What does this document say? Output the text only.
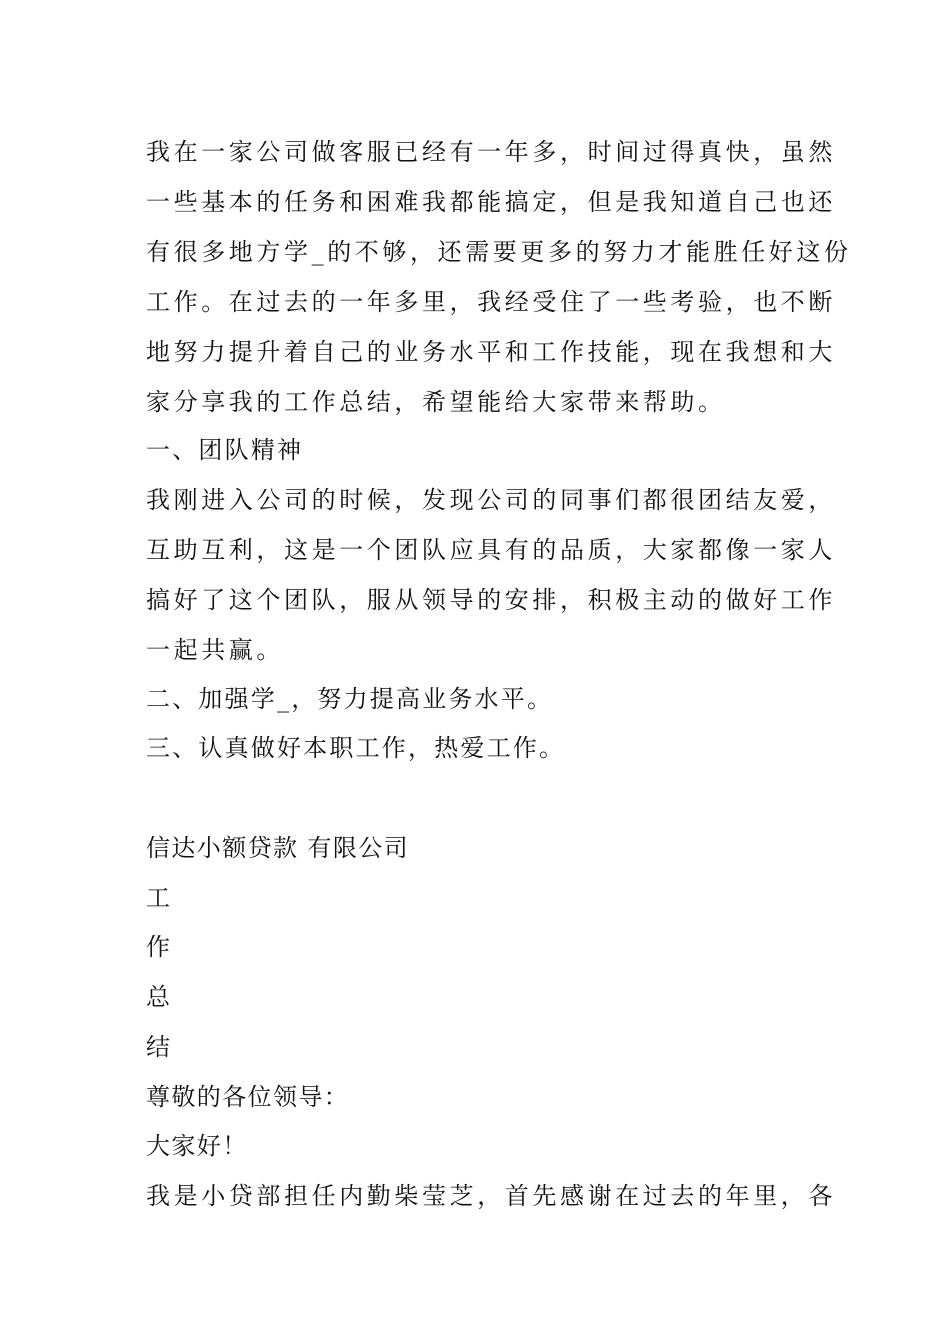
我在一家公司做客服已经有一年多，时间过得真快，虽然
一些基本的任务和困难我都能搞定，但是我知道自己也还
有很多地方学_的不够，还需要更多的努力才能胜任好这份
工作。在过去的一年多里，我经受住了一些考验，也不断
地努力提升着自己的业务水平和工作技能，现在我想和大
家分享我的工作总结，希望能给大家带来帮助。
一、团队精神
我刚进入公司的时候，发现公司的同事们都很团结友爱，
互助互利，这是一个团队应具有的品质，大家都像一家人
搞好了这个团队，服从领导的安排，积极主动的做好工作
一起共赢。
二、加强学_，努力提高业务水平。
三、认真做好本职工作，热爱工作。
信达小额贷款 有限公司
工
作
总
结
尊敬的各位领导：
大家好！
我是小贷部担任内勤柴莹芝，首先感谢在过去的年里，各
